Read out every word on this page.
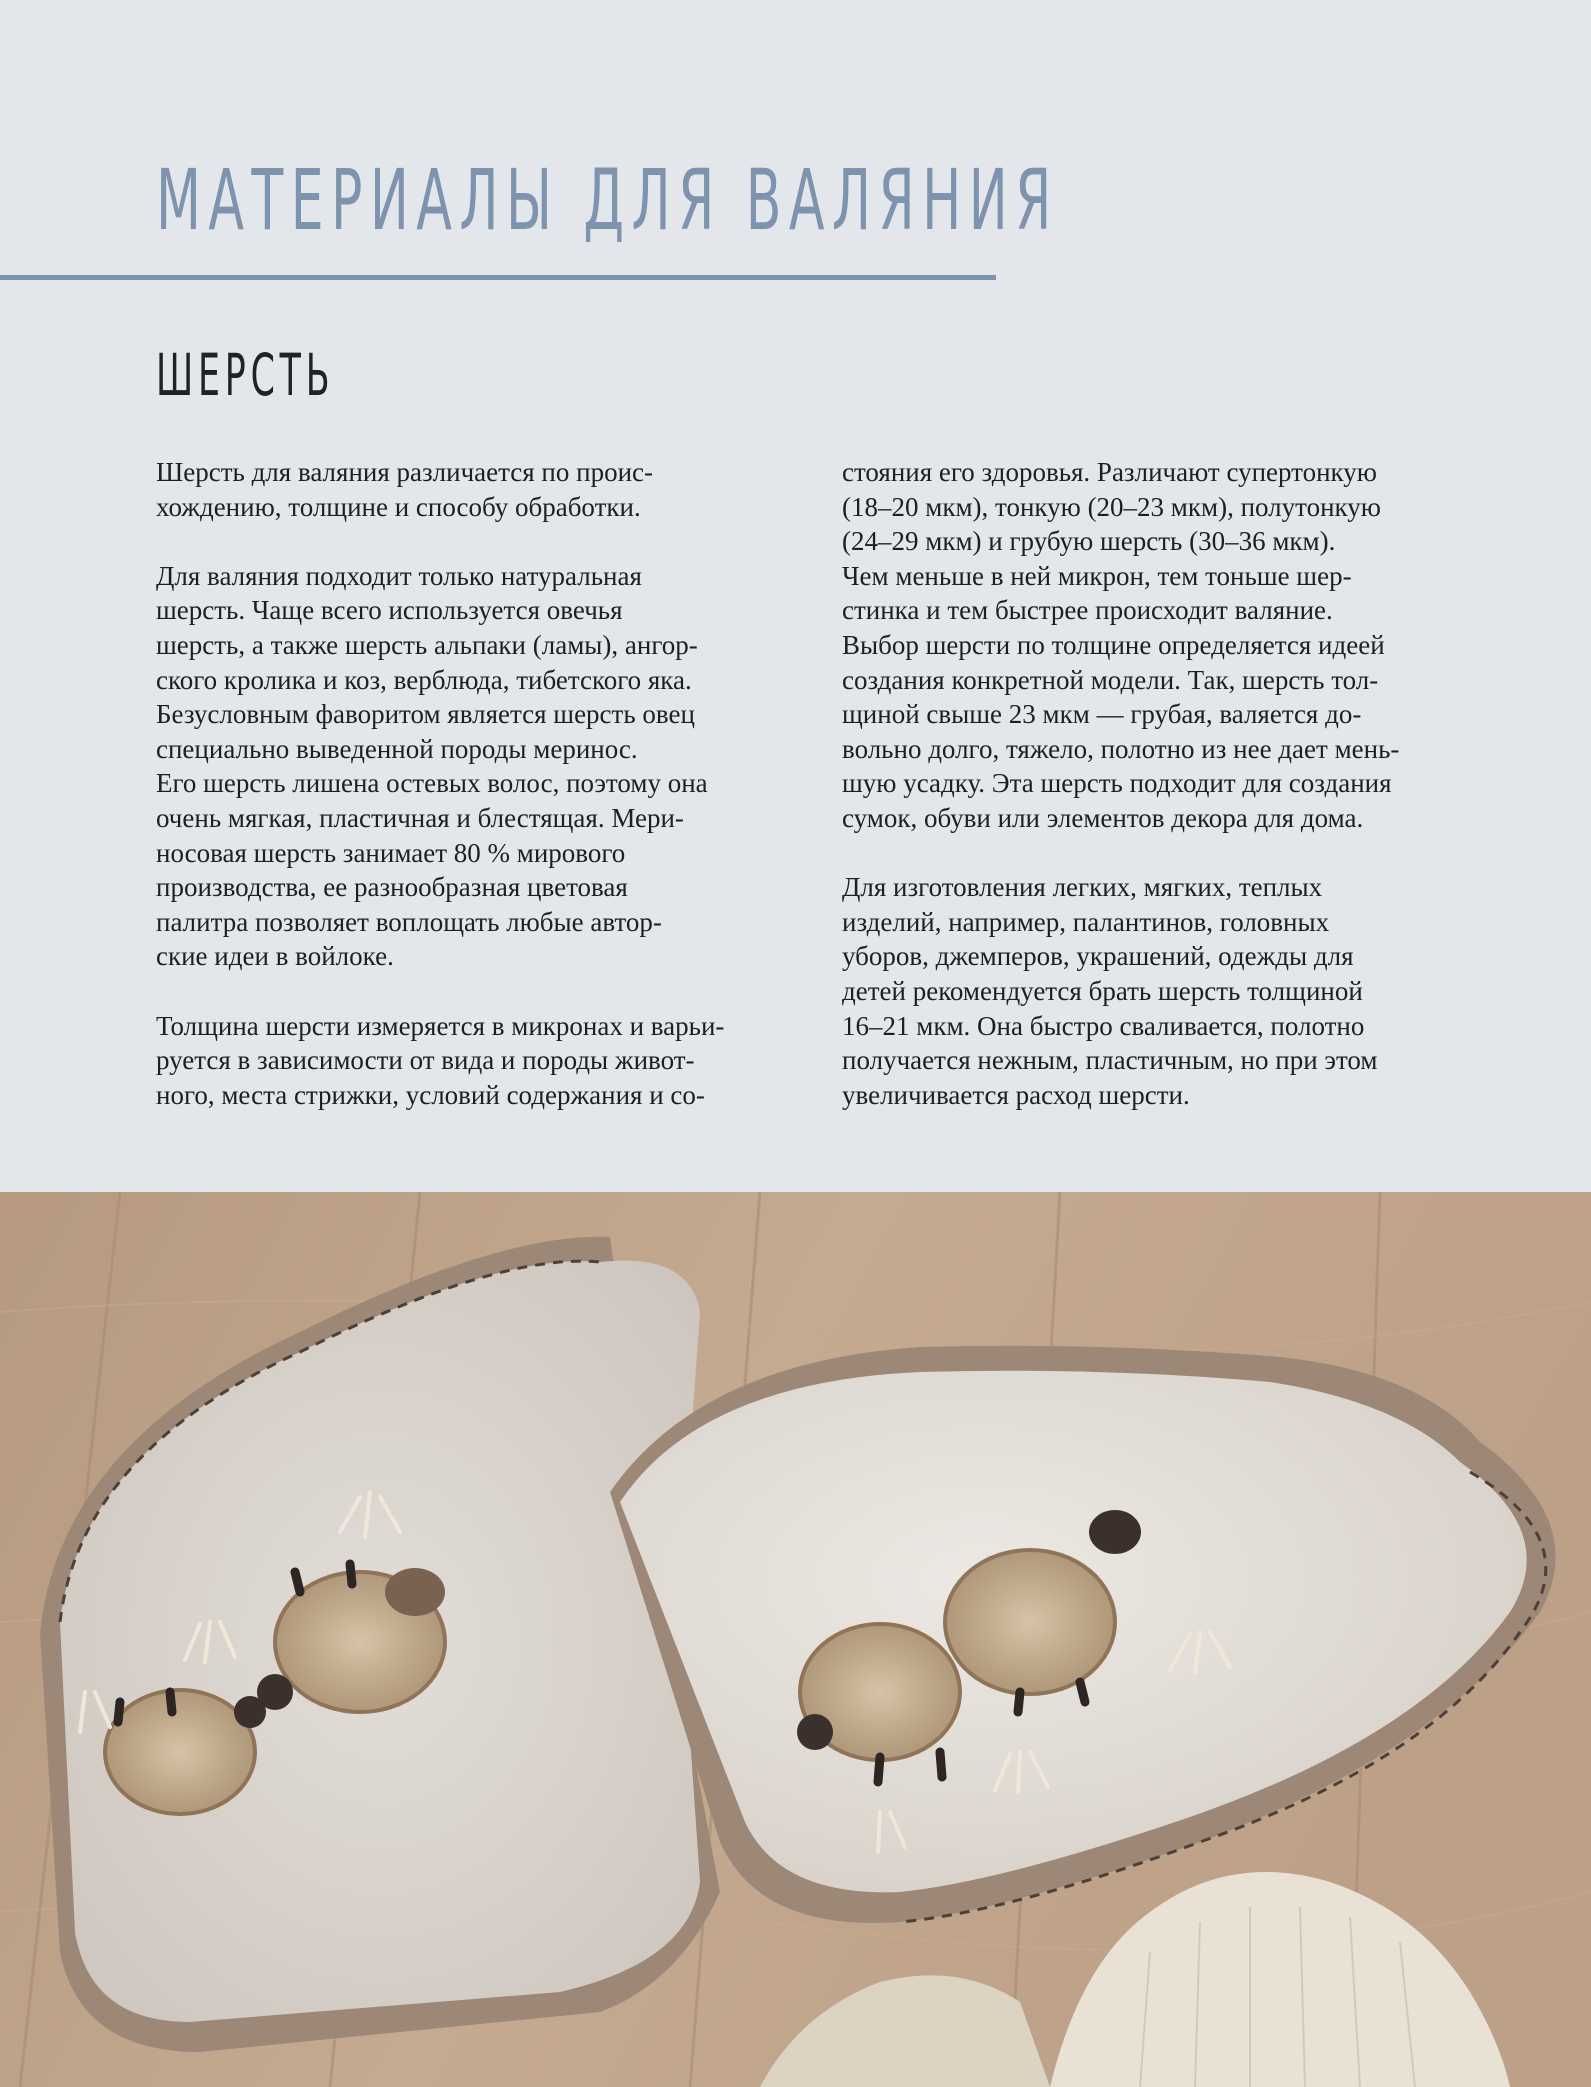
МАТЕРИАЛЫ ДЛЯ ВАЛЯНИЯ
ШЕРСТЬ

Шерсть для валяния различается по проис-
хождению, толщине и способу обработки.

Для валяния подходит только натуральная
шерсть. Чаще всего используется овечья
шерсть, а также шерсть альпаки (ламы), ангор-
ского кролика и коз, верблюда, тибетского яка.
Безусловным фаворитом является шерсть овец
специально выведенной породы меринос.
Его шерсть лишена остевых волос, поэтому она
очень мягкая, пластичная и блестящая. Мери-
носовая шерсть занимает 80 % мирового
производства, ее разнообразная цветовая
палитра позволяет воплощать любые автор-
ские идеи в войлоке.

Толщина шерсти измеряется в микронах и варьи-
руется в зависимости от вида и породы живот-
ного, места стрижки, условий содержания и со-

стояния его здоровья. Различают супертонкую
(18–20 мкм), тонкую (20–23 мкм), полутонкую
(24–29 мкм) и грубую шерсть (30–36 мкм).
Чем меньше в ней микрон, тем тоньше шер-
стинка и тем быстрее происходит валяние.
Выбор шерсти по толщине определяется идеей
создания конкретной модели. Так, шерсть тол-
щиной свыше 23 мкм — грубая, валяется до-
вольно долго, тяжело, полотно из нее дает мень-
шую усадку. Эта шерсть подходит для создания
сумок, обуви или элементов декора для дома.

Для изготовления легких, мягких, теплых
изделий, например, палантинов, головных
уборов, джемперов, украшений, одежды для
детей рекомендуется брать шерсть толщиной
16–21 мкм. Она быстро сваливается, полотно
получается нежным, пластичным, но при этом
увеличивается расход шерсти.
